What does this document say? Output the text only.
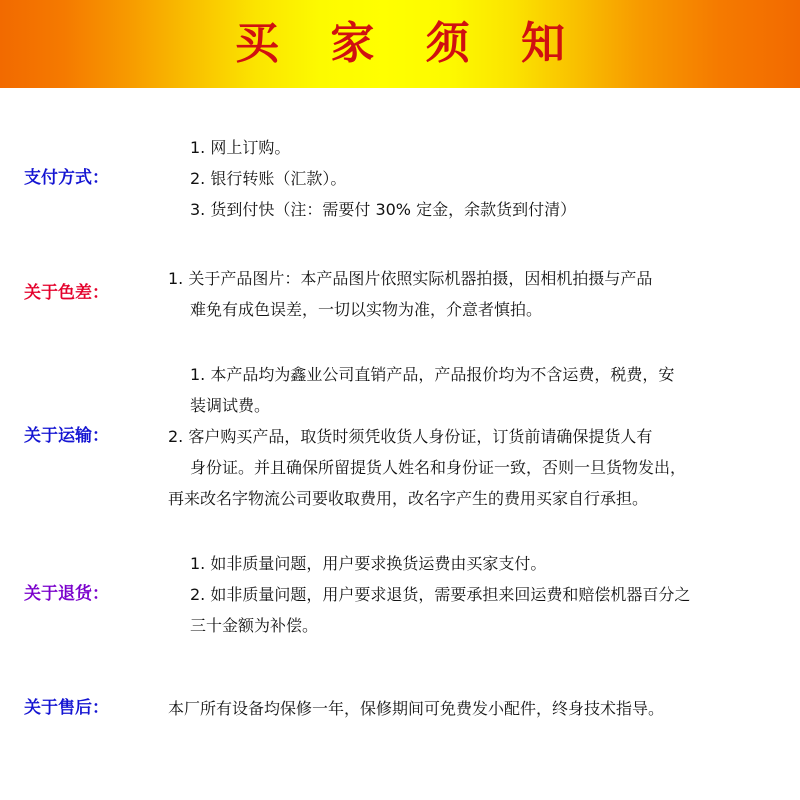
买 家 须 知
支付方式：
1. 网上订购。
2. 银行转账（汇款）。
3. 货到付快（注：需要付 30% 定金，余款货到付清）
关于色差：
1. 关于产品图片：本产品图片依照实际机器拍摄，因相机拍摄与产品
难免有成色误差，一切以实物为准，介意者慎拍。
关于运输：
1. 本产品均为鑫业公司直销产品，产品报价均为不含运费，税费，安
装调试费。
2. 客户购买产品，取货时须凭收货人身份证，订货前请确保提货人有
身份证。并且确保所留提货人姓名和身份证一致，否则一旦货物发出，
再来改名字物流公司要收取费用，改名字产生的费用买家自行承担。
关于退货：
1. 如非质量问题，用户要求换货运费由买家支付。
2. 如非质量问题，用户要求退货，需要承担来回运费和赔偿机器百分之
三十金额为补偿。
关于售后：	本厂所有设备均保修一年，保修期间可免费发小配件，终身技术指导。
